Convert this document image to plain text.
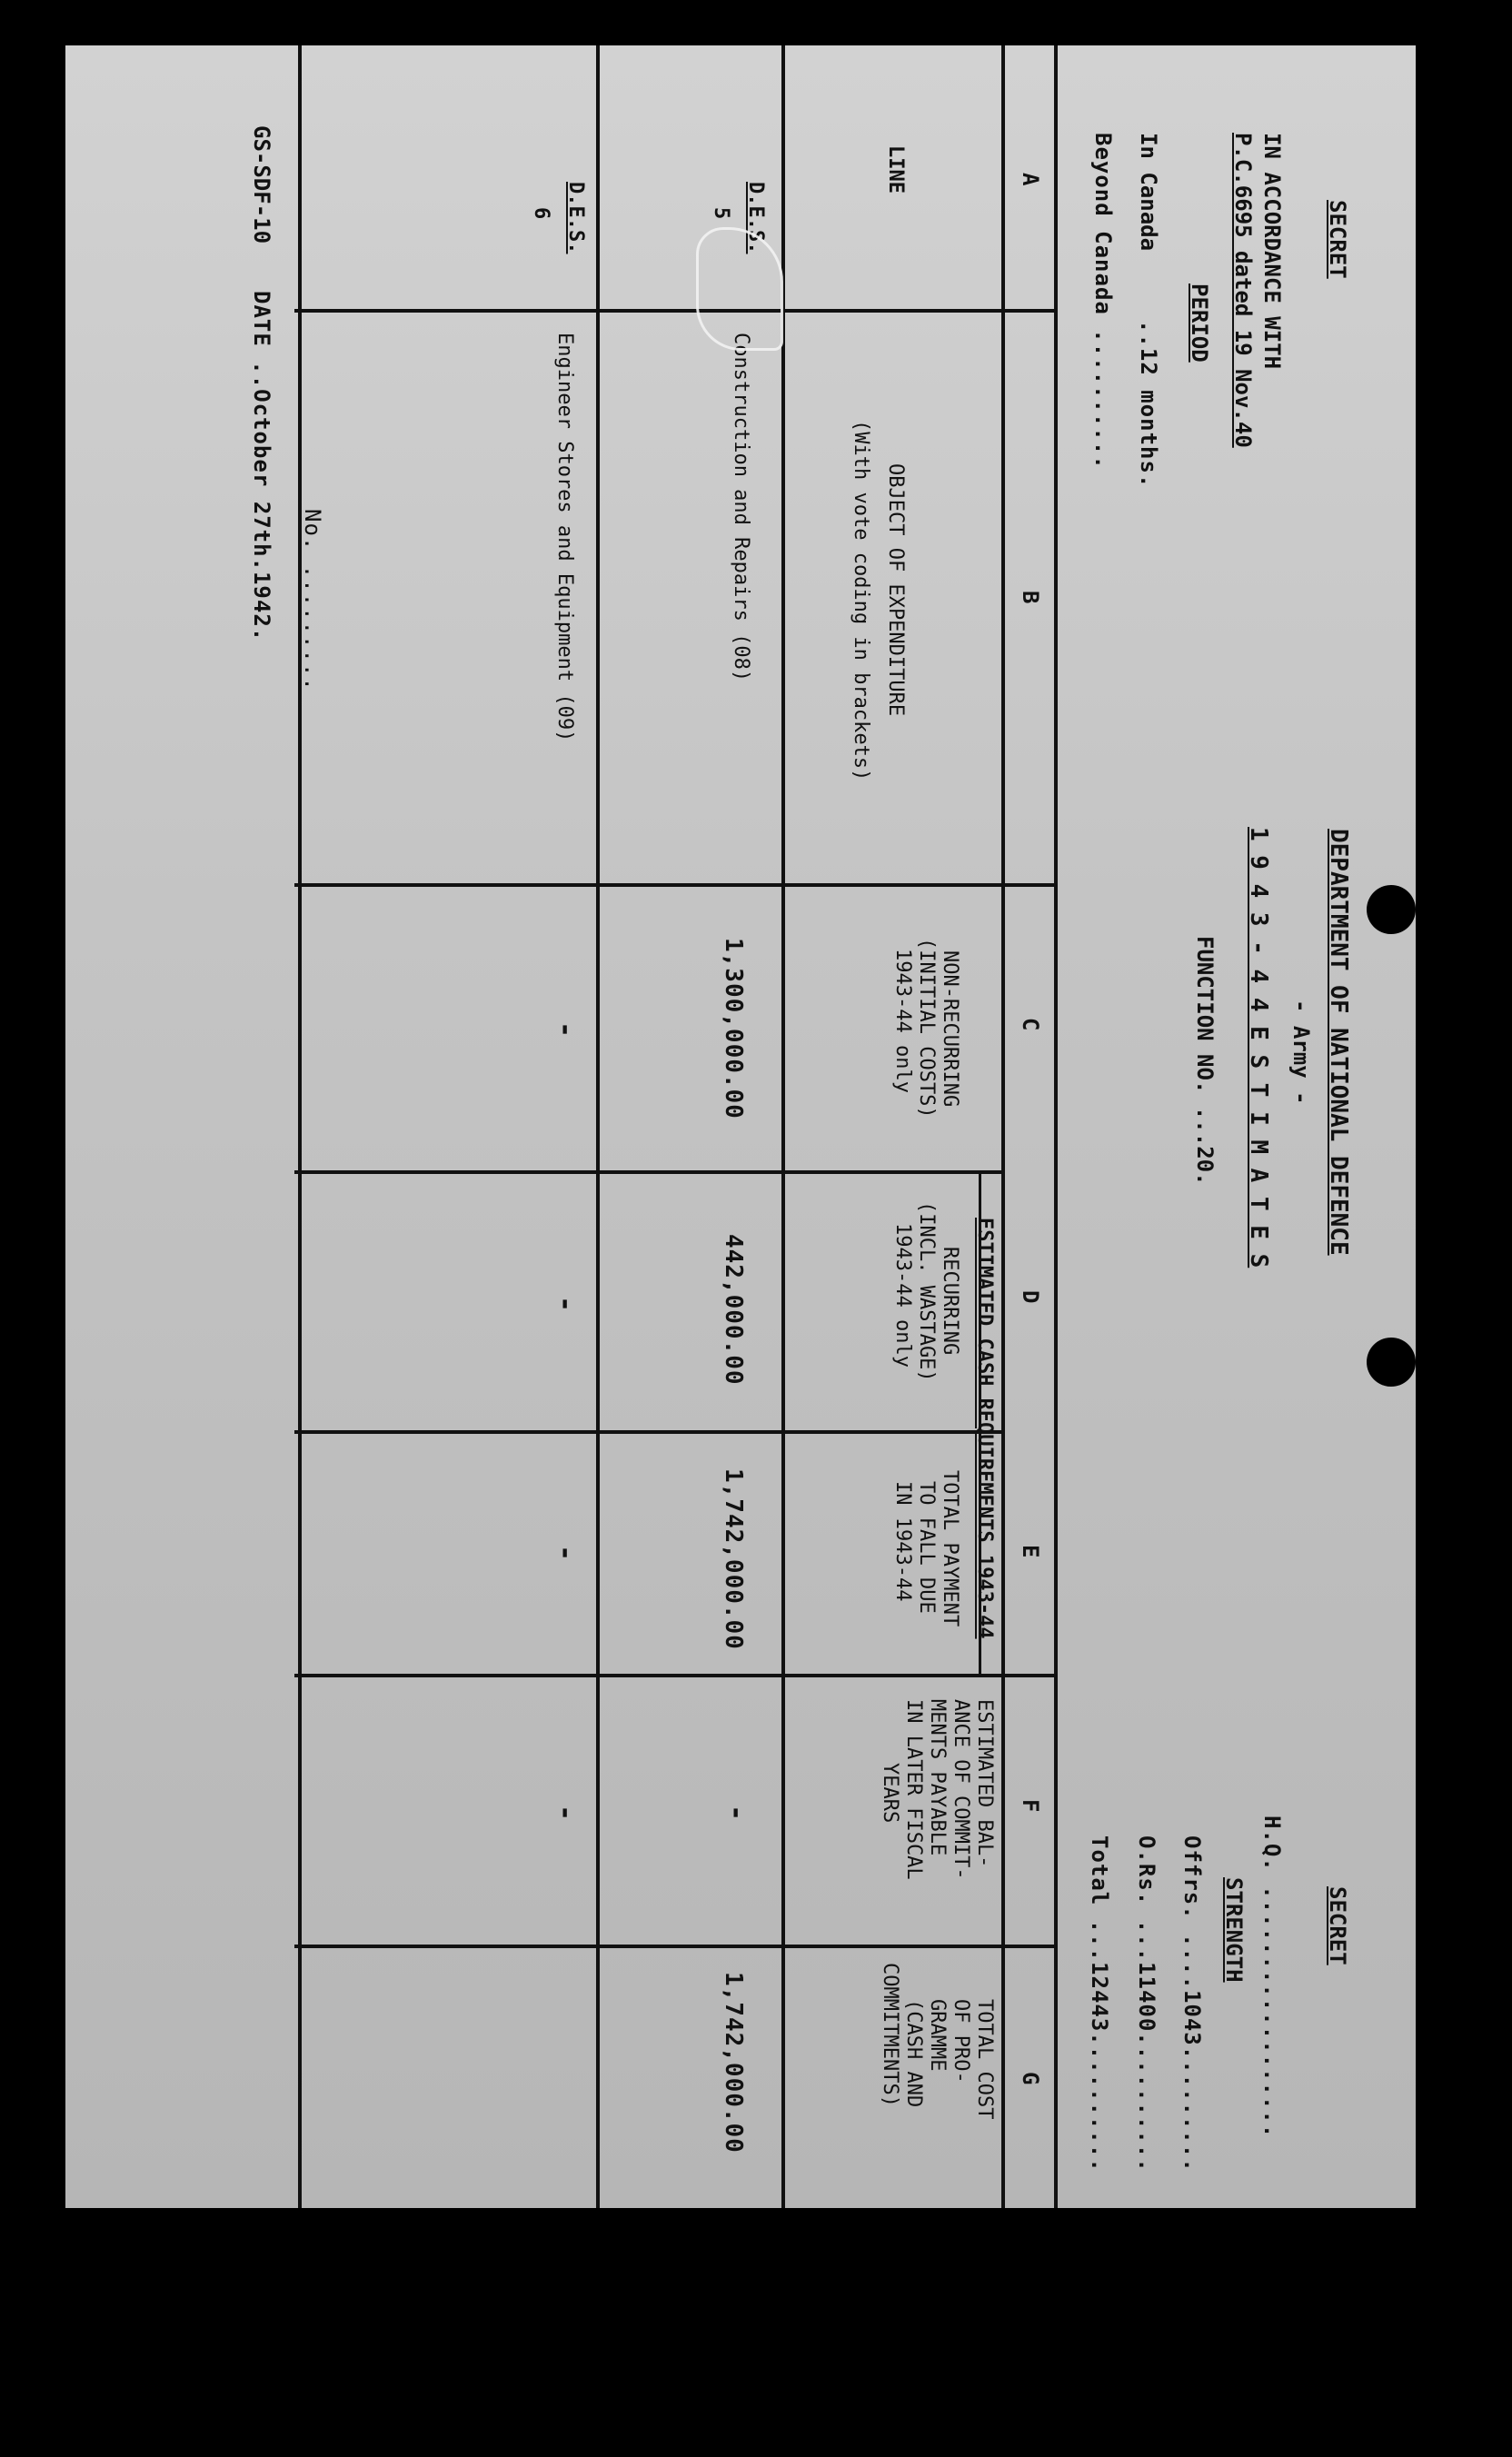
SECRET
DEPARTMENT OF NATIONAL DEFENCE
- Army -
1 9 4 3 - 4 4 E S T I M A T E S
FUNCTION NO. ...20.
SECRET
IN ACCORDANCE WITH
P.C.6695 dated 19 Nov.40
PERIOD
In Canada
..12 months.
Beyond Canada ..........
H.Q. ..................
STRENGTH
Offrs. ....1043.........
O.Rs. ...11400..........
Total ...12443..........
A
B
C
D
E
F
G
LINE
OBJECT OF EXPENDITURE
(With vote coding in brackets)
ESTIMATED CASH REQUIREMENTS 1943-44
NON-RECURRING
(INITIAL COSTS)
1943-44 only
RECURRING
(INCL. WASTAGE)
1943-44 only
TOTAL PAYMENT
TO FALL DUE
IN 1943-44
ESTIMATED BAL-
ANCE OF COMMIT-
MENTS PAYABLE
IN LATER FISCAL
YEARS
TOTAL COST
OF PRO-
GRAMME
(CASH AND
COMMITMENTS)
D.E.S.
5
Construction and Repairs (08)
1,300,000.00
442,000.00
1,742,000.00
-
1,742,000.00
D.E.S.
6
Engineer Stores and Equipment (09)
-
-
-
-
No. .........
GS-SDF-10
DATE ..October 27th.1942.
